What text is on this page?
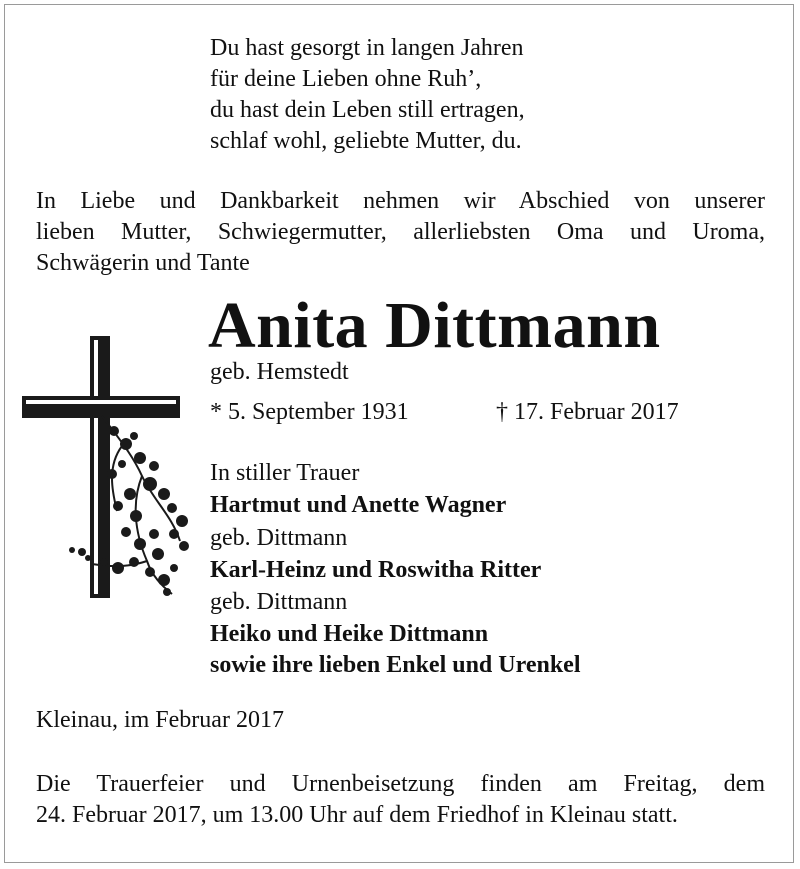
Du hast gesorgt in langen Jahren
für deine Lieben ohne Ruh’,
du hast dein Leben still ertragen,
schlaf wohl, geliebte Mutter, du.
In Liebe und Dankbarkeit nehmen wir Abschied von unserer
lieben Mutter, Schwiegermutter, allerliebsten Oma und Uroma,
Schwägerin und Tante
Anita Dittmann
geb. Hemstedt
* 5. September 1931	† 17. Februar 2017
In stiller Trauer
Hartmut und Anette Wagner
geb. Dittmann
Karl-Heinz und Roswitha Ritter
geb. Dittmann
Heiko und Heike Dittmann
sowie ihre lieben Enkel und Urenkel
Kleinau, im Februar 2017
Die Trauerfeier und Urnenbeisetzung finden am Freitag, dem
24. Februar 2017, um 13.00 Uhr auf dem Friedhof in Kleinau statt.
